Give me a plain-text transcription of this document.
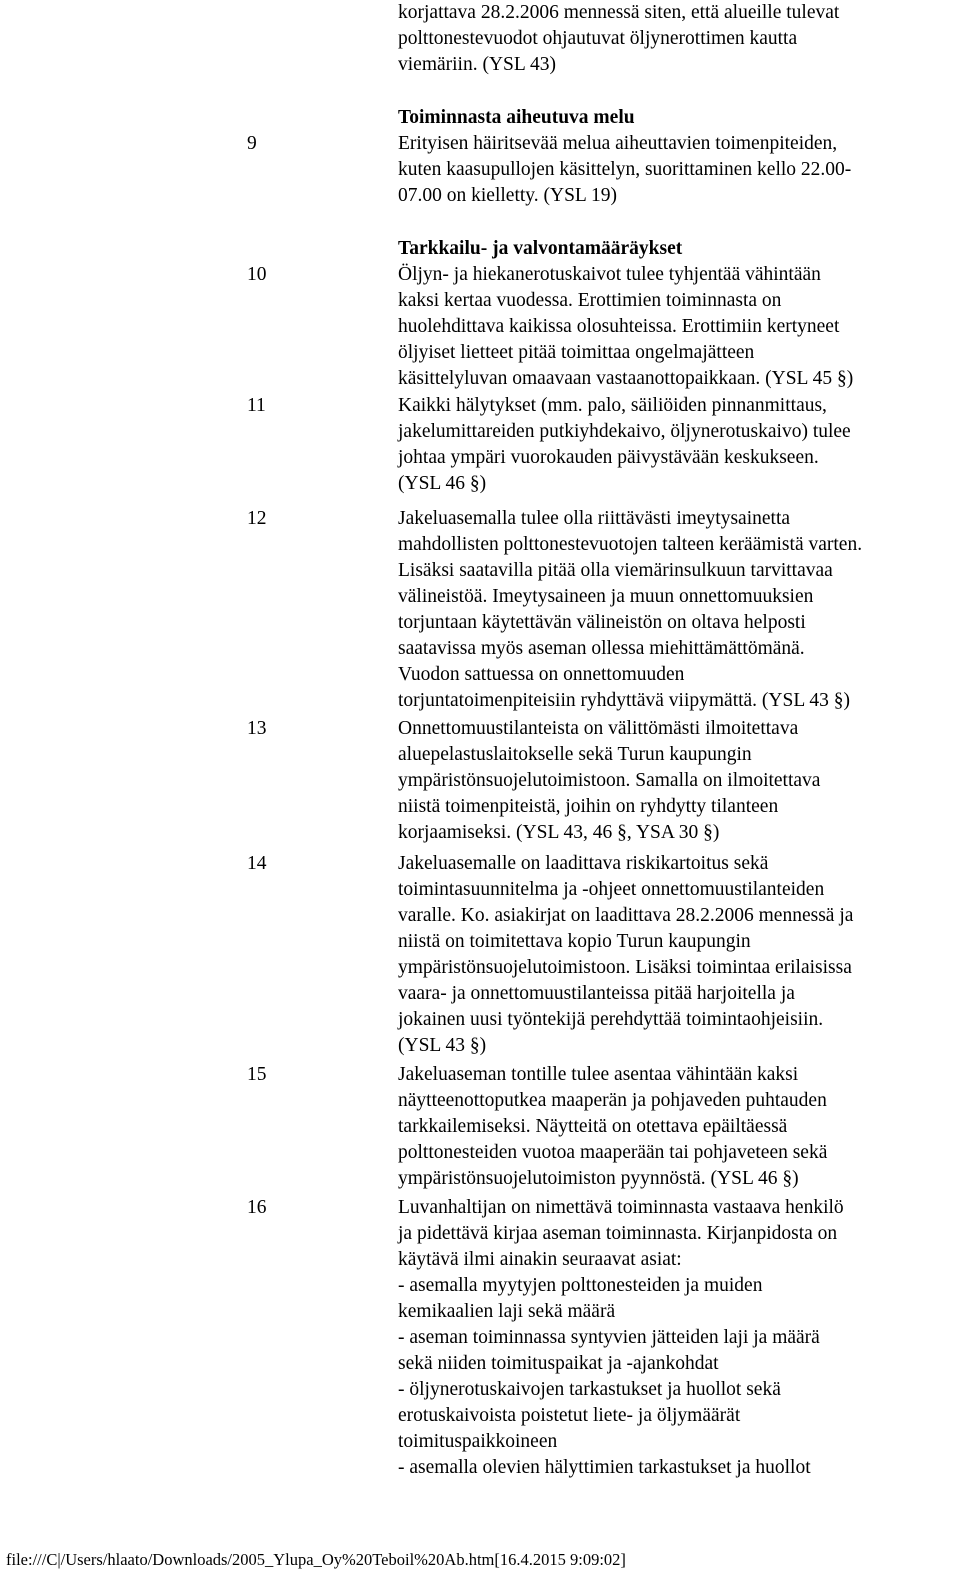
korjattava 28.2.2006 mennessä siten, että alueille tulevat
polttonestevuodot ohjautuvat öljynerottimen kautta
viemäriin. (YSL 43)
Toiminnasta aiheutuva melu
9	Erityisen häiritsevää melua aiheuttavien toimenpiteiden,
kuten kaasupullojen käsittelyn, suorittaminen kello 22.00-
07.00 on kielletty. (YSL 19)
Tarkkailu- ja valvontamääräykset
10	Öljyn- ja hiekanerotuskaivot tulee tyhjentää vähintään
kaksi kertaa vuodessa. Erottimien toiminnasta on
huolehdittava kaikissa olosuhteissa. Erottimiin kertyneet
öljyiset lietteet pitää toimittaa ongelmajätteen
käsittelyluvan omaavaan vastaanottopaikkaan. (YSL 45 §)
11	Kaikki hälytykset (mm. palo, säiliöiden pinnanmittaus,
jakelumittareiden putkiyhdekaivo, öljynerotuskaivo) tulee
johtaa ympäri vuorokauden päivystävään keskukseen.
(YSL 46 §)
12	Jakeluasemalla tulee olla riittävästi imeytysainetta
mahdollisten polttonestevuotojen talteen keräämistä varten.
Lisäksi saatavilla pitää olla viemärinsulkuun tarvittavaa
välineistöä. Imeytysaineen ja muun onnettomuuksien
torjuntaan käytettävän välineistön on oltava helposti
saatavissa myös aseman ollessa miehittämättömänä.
Vuodon sattuessa on onnettomuuden
torjuntatoimenpiteisiin ryhdyttävä viipymättä. (YSL 43 §)
13	Onnettomuustilanteista on välittömästi ilmoitettava
aluepelastuslaitokselle sekä Turun kaupungin
ympäristönsuojelutoimistoon. Samalla on ilmoitettava
niistä toimenpiteistä, joihin on ryhdytty tilanteen
korjaamiseksi. (YSL 43, 46 §, YSA 30 §)
14	Jakeluasemalle on laadittava riskikartoitus sekä
toimintasuunnitelma ja -ohjeet onnettomuustilanteiden
varalle. Ko. asiakirjat on laadittava 28.2.2006 mennessä ja
niistä on toimitettava kopio Turun kaupungin
ympäristönsuojelutoimistoon. Lisäksi toimintaa erilaisissa
vaara- ja onnettomuustilanteissa pitää harjoitella ja
jokainen uusi työntekijä perehdyttää toimintaohjeisiin.
(YSL 43 §)
15	Jakeluaseman tontille tulee asentaa vähintään kaksi
näytteenottoputkea maaperän ja pohjaveden puhtauden
tarkkailemiseksi. Näytteitä on otettava epäiltäessä
polttonesteiden vuotoa maaperään tai pohjaveteen sekä
ympäristönsuojelutoimiston pyynnöstä. (YSL 46 §)
16	Luvanhaltijan on nimettävä toiminnasta vastaava henkilö
ja pidettävä kirjaa aseman toiminnasta. Kirjanpidosta on
käytävä ilmi ainakin seuraavat asiat:
- asemalla myytyjen polttonesteiden ja muiden
kemikaalien laji sekä määrä
- aseman toiminnassa syntyvien jätteiden laji ja määrä
sekä niiden toimituspaikat ja -ajankohdat
- öljynerotuskaivojen tarkastukset ja huollot sekä
erotuskaivoista poistetut liete- ja öljymäärät
toimituspaikkoineen
- asemalla olevien hälyttimien tarkastukset ja huollot
file:///C|/Users/hlaato/Downloads/2005_Ylupa_Oy%20Teboil%20Ab.htm[16.4.2015 9:09:02]
